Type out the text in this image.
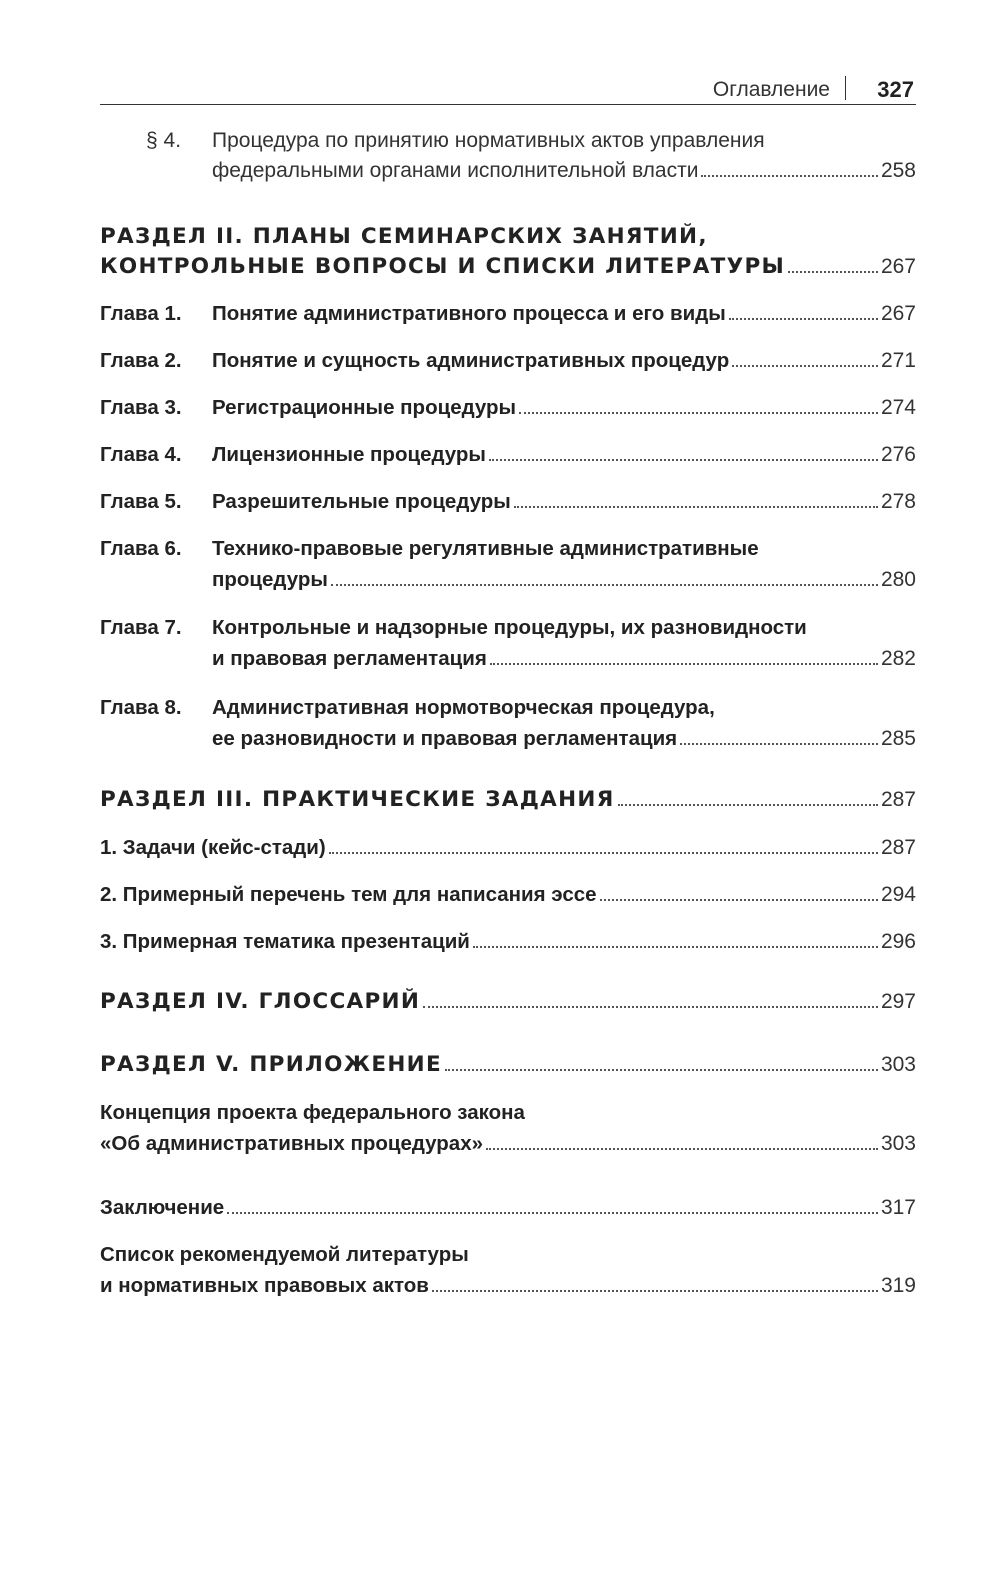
Оглавление 327
§ 4. Процедура по принятию нормативных актов управления
федеральными органами исполнительной власти	258
РАЗДЕЛ II. ПЛАНЫ СЕМИНАРСКИХ ЗАНЯТИЙ,
КОНТРОЛЬНЫЕ ВОПРОСЫ И СПИСКИ ЛИТЕРАТУРЫ	267
Глава 1. Понятие административного процесса и его виды	267
Глава 2. Понятие и сущность административных процедур	271
Глава 3. Регистрационные процедуры	274
Глава 4. Лицензионные процедуры	276
Глава 5. Разрешительные процедуры	278
Глава 6. Технико-правовые регулятивные административные
процедуры	280
Глава 7. Контрольные и надзорные процедуры, их разновидности
и правовая регламентация	282
Глава 8. Административная нормотворческая процедура,
ее разновидности и правовая регламентация	285
РАЗДЕЛ III. ПРАКТИЧЕСКИЕ ЗАДАНИЯ	287
1. Задачи (кейс-стади)	287
2. Примерный перечень тем для написания эссе	294
3. Примерная тематика презентаций	296
РАЗДЕЛ IV. ГЛОССАРИЙ	297
РАЗДЕЛ V. ПРИЛОЖЕНИЕ	303
Концепция проекта федерального закона
«Об административных процедурах»	303
Заключение	317
Список рекомендуемой литературы
и нормативных правовых актов	319
